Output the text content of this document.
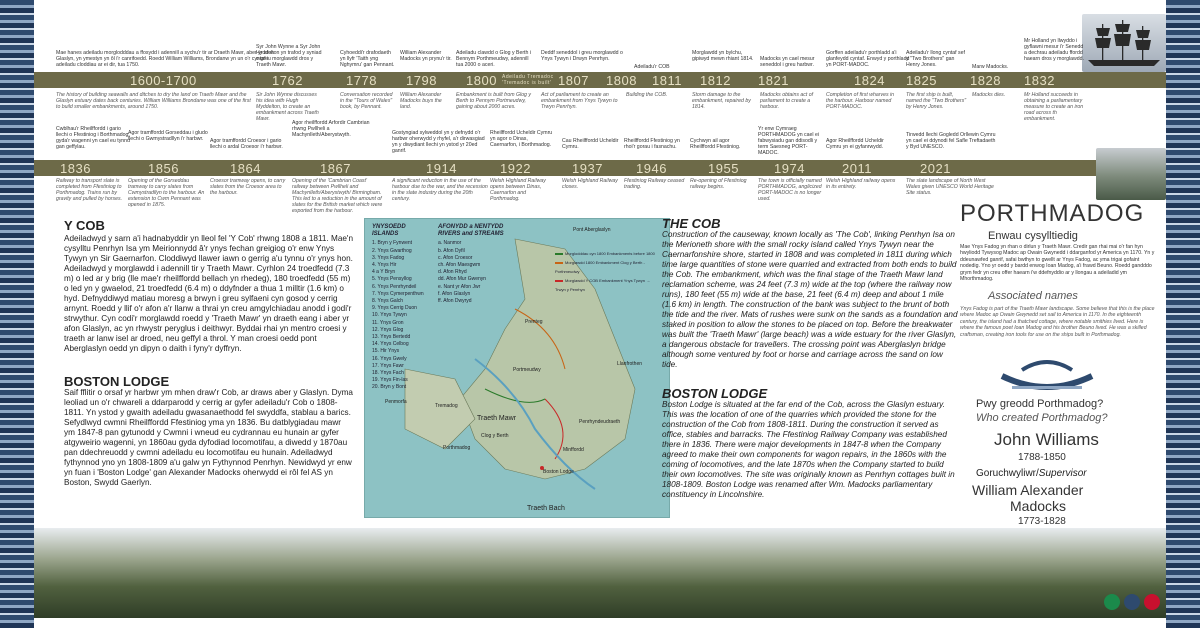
Mae hanes adeiladu morglodddau a ffosydd i adennill a sychu'r tir ar Draeth Mawr, aber yr afon Glaslyn, yn ymestyn yn ôl i'r canrifoedd. Roedd William Williams, Brondanw yn un o'r cyntaf i adeiladu cloddiau ar ei dir, tua 1750.
Syr John Wynne a Syr John Hyddelton yn trafod y syniad o greu morglawdd dros y Traeth Mawr.
Cyhoeddi'r drafodaeth yn llyfr 'Taith yng Nghymru' gan Pennant.
William Alexander Madocks yn prynu'r tir.
Adeiladu clawdd o Glog y Berth i Bennym Porthmeudwy, adennill tua 2000 o aceri.
Deddf seneddol i greu morglawdd o Ynys Tywyn i Drwyn Penrhyn.
Adeiladu'r COB
Morglawdd yn bylchu, gipiwyd mewn rhiant 1814. Madocks yn cael mesur seneddol i greu harbwr.
Gorffen adeiladu'r porthladd a'i glanfeydd cyntaf. Enwyd y porthladd yn PORT-MADOC.
Adeiladu'r llong cyntaf sef y "Two Brothers" gan Henry Jones.	Marw Madocks.
Mr Holland yn llwyddo i gyflawni mesur i'r Senedd a dechrau adeiladu ffordd haearn dros y morglawdd.
1600-1700	1762	1778 1798 1800 Adeiladu Tremadoc 'Tremadoc is built' 1807 1808 1811 1812 1821	1824 1825	1828 1832
The history of building seawalls and ditches to dry the land on Traeth Mawr and the Glaslyn estuary dates back centuries. William Williams Brondanw was one of the first to build smaller embankments, around 1750.
Sir John Wynne discusses his idea with Hugh Myddelton, to create an embankment across Traeth Mawr.
Conversation recorded in the "Tours of Wales" book, by Pennant.
William Alexander Madocks buys the land.
Embankment is built from Glog y Berth to Pennym Portmeudwy, gaining about 2000 acres.
Act of parliament to create an embankment from Ynys Tywyn to Trwyn Penrhyn.
Building the COB.	Storm damage to the embankment, repaired by 1814.
Madocks obtains act of parliament to create a harbour.
Completion of first wharves in the harbour. Harbour named PORT-MADOC.
The first ship is built, named the "Two Brothers" by Henry Jones.
Madocks dies.	Mr Holland succeeds in obtaining a parliamentary measure to create an iron road across th embankment.
Cwblhau'r Rheilffordd i gario llechi o Ffestiniog i Borthmadog, gyda'r wagenni yn cael eu tynnu gan geffylau.
Agor tramffordd Gorseddau i gludo llechi o Gwmystradllyn i'r harbwr.	Agor tramffordd Croesor i gario llechi o ardal Croesor i'r harbwr.
Agor rheilffordd Arfordir Cambrian rhwng Pwllheli a Machynlleth/Aberystwyth.	Gostyngiad sylweddol yn y defnydd o'r harbwr oherwydd y rhyfel, a'r dirwasgiad yn y diwydiant llechi yn ystod yr 20ed ganrif.
Rheilffordd Ucheldir Cymru yn agor o Dinas, Caernarfon, i Borthmadog.
Cau Rheilffordd Ucheldir Cymru.
Rheilffordd Ffestiniog yn rhoi'r gorau i fasnachu.
Cychwyn ail agor Rheilffordd Ffestiniog.
Yr enw Cymraeg PORTHMADOG yn cael ei fabwysiadu gan ddisodli y term Saesneg PORT-MADOC.
Agor Rheilffordd Ucheldir Cymru yn ei gyfanrwydd.
Tirwedd llechi Gogledd Orllewin Cymru yn cael ei ddynodi fel Safle Treftadaeth y Byd UNESCO.
1836	1856	1864	1867	1914	1922	1937	1946	1955	1974	2011	2021
Railway to transport slate is completed from Ffestiniog to Porthmadog. Trains run by gravity and pulled by horses.
Opening of the Gorseddau tramway to carry slates from Cwmystradllyn to the harbour. An extension to Cwm Pennant was opened in 1875.
Croesor tramway opens, to carry slates from the Croesor area to the harbour.
Opening of the 'Cambrian Coast' railway between Pwllheli and Machynlleth/Aberystwyth/ Birmingham. This led to a reduction in the amount of slates for the British market which were exported from the harbour.
A significant reduction in the use of the harbour due to the war, and the recession in the slate industry during the 20th century.
Welsh Highland Railway opens between Dinas, Caernarfon and Porthmadog.
Welsh Highland Railway closes.
Ffestiniog Railway ceased trading.
Re-opening of Ffestiniog railway begins.
The town is officially named PORTHMADOG, anglicized PORT-MADOC is no longer used.
Welsh Highland railway opens in its entirety.
The slate landscape of North West Wales given UNESCO World Heritage Site status.
Y COB
Adeiladwyd y sarn a'i hadnabyddir yn lleol fel 'Y Cob' rhwng 1808 a 1811. Mae'n cysylltu Penrhyn Isa ym Meirionnydd â'r ynys fechan greigiog o'r enw Ynys Tywyn yn Sir Gaernarfon. Cloddiwyd llawer iawn o gerrig a'u tynnu o'r ynys hon. Adeiladwyd y morglawdd i adennill tir y Traeth Mawr. Cyrhlon 24 troedfedd (7.3 m) o led ar y brig (lle mae'r rheilffordd bellach yn rhedeg), 180 troedfedd (55 m) o led yn y gwaelod, 21 troedfedd (6.4 m) o ddyfnder a thua 1 milltir (1.6 km) o hyd. Defnyddiwyd matiau moresg a brwyn i greu sylfaeni cyn gosod y cerrig arnynt. Roedd y llif o'r afon a'r llanw a thrai yn creu amgylchiadau anodd i godi'r strwythur. Cyn codi'r morglawdd roedd y 'Traeth Mawr' yn draeth eang i aber yr afon Glaslyn, ac yn rhwystr peryglus i deithwyr. Byddai rhai yn mentro croesi y traeth ar lanw isel ar droed, neu geffyl a throl. Y man croesi oedd pont Aberglaslyn oedd yn dipyn o daith i fyny'r dyffryn.
BOSTON LODGE
Saif fflitir o orsaf yr harbwr ym mhen draw'r Cob, ar draws aber y Glaslyn. Dyma leoliad un o'r chwareli a ddarparodd y cerrig ar gyfer adeiladu'r Cob o 1808-1811. Yn ystod y gwaith adeiladu gwasanaethodd fel swyddfa, stablau a barics. Sefydlwyd cwmni Rheilffordd Ffestiniog yma yn 1836. Bu datblygiadau mawr ym 1847-8 pan gytunodd y Cwmni i wneud eu cydrannau eu hunain ar gyfer atgyweirio wagenni, yn 1860au gyda dyfodiad locomotifau, a diwedd y 1870au pan ddechreuodd y cwmni adeiladu eu locomotifau eu hunain. Adeiladwyd fythynnod yno yn 1808-1809 a'u galw yn Fythynnod Penrhyn. Newidwyd yr enw yn fuan i 'Boston Lodge' gan Alexander Madocks oherwydd ei rôl fel AS yn Boston, Swydd Gaerlyn.
Morglodddau cyn 1800 Embankments before 1800
Morglawdd 1800 Embankment Clog y Berth - Porthmeudwy
Morglawdd Y COB Embankment Ynys Tywyn → Trwyn y Penrhyn
Pont Aberglaslyn
Prenteg
Llanfrothen
Tremadog
Traeth Mawr	Penrhyndeudraeth
Penmorfa
Portmeudwy
Clog y Berth
Porthmadog	Minffordd
Boston Lodge
Traeth Bach
YNYSOEDD ISLANDS
1. Bryn y Fynwent
2. Ynys Gwarthog
3. Ynys Fadog
4. Ynys Hir
4 a Y Bryn
5. Ynys Pensyllog
6. Ynys Penrhyndeil
7. Ynys Cymerpenthwn
8. Ynys Galch
9. Ynys Cerrig Duon
10. Ynys Tywyn
11. Ynys Gron
12. Ynys Glog
13. Ynys Bertedd
14. Ynys Celbog
15. Hir Ynys
16. Ynys Gwely
17. Ynys Fawr
18. Ynys Fach
19. Ynys Fin-las
20. Bryn y Bont
AFONYDD a NENTYDD RIVERS and STREAMS
a. Nanmor
b. Afon Dyfil
c. Afon Croesor
ch. Afon Maesgwm
d. Afon Rhyd
dd. Afon Mur Gwenyn
e. Nant yr Afon Jwr
f. Afon Glaslyn
ff. Afon Dwyryd
THE COB
Construction of the causeway, known locally as 'The Cob', linking Penrhyn Isa on the Merioneth shore with the small rocky island called Ynys Tywyn near the Caernarfonshire shore, started in 1808 and was completed in 1811 during which time large quantities of stone were quarried and extracted from both ends to build the Cob. The embankment, which was the final stage of the Traeth Mawr land reclamation scheme, was 24 feet (7.3 m) wide at the top (where the railway now runs), 180 feet (55 m) wide at the base, 21 feet (6.4 m) deep and about 1 mile (1.6 km) in length. The construction of the bank was subject to the brunt of both the tide and the river. Mats of rushes were sunk on the sands as a foundation and staked in position to allow the stones to be placed on top. Before the breakwater was built the 'Traeth Mawr' (large beach) was a wide estuary for the river Glaslyn, a dangerous obstacle for travellers. The crossing point was Aberglaslyn bridge although some ventured by foot or horse and carriage across the sand on low tide.
BOSTON LODGE
Boston Lodge is situated at the far end of the Cob, across the Glaslyn estuary. This was the location of one of the quarries which provided the stone for the construction of the Cob from 1808-1811. During the construction it served as office, stables and barracks. The Ffestiniog Railway Company was established there in 1836. There were major developments in 1847-8 when the Company agreed to make their own components for wagon repairs, in the 1860s with the coming of locomotives, and the late 1870s when the Company started to build their own locomotives. The site was originally known as Penrhyn cottages built in 1808-1809. Boston Lodge was renamed after Wm. Madocks parliamentary constituency in Lincolnshire.
PORTHMADOG
Enwau cysylltiedig
Mae Ynys Fadog yn rhan o dirlun y Traeth Mawr. Credir gan rhai mai o'r fan hyn hwyliodd Tywysog Madoc ap Owain Gwynedd i ddarganfod yr America yn 1170. Yn y ddeunawfed ganrif, safai bwthyn to gwellt ar Ynys Fadog, ac yma trigai gofaint nodedig. Yno yr oedd y bardd enwog Ioan Madog, a'i frawd Beuno. Roedd gandddo grym fedr yn creu offer haearn i'w ddefnyddio ar y llongau a adeiladid ym Mhorthmadog.
Associated names
Ynys Fadog is part of the Traeth Mawr landscape. Some believe that this is the place where Madoc ap Owain Gwynedd set sail to America in 1170. In the eighteenth century, the island had a thatched cottage, where notable smithies lived. Here is where the famous poet Ioan Madog and his brother Beuno lived. He was a skilled craftsman, creating iron tools for use on the ships built in Porthmadog.
Pwy greodd Porthmadog?
Who created Porthmadog?
John Williams
1788-1850
Goruchwyliwr/Supervisor
William Alexander
Madocks
1773-1828
